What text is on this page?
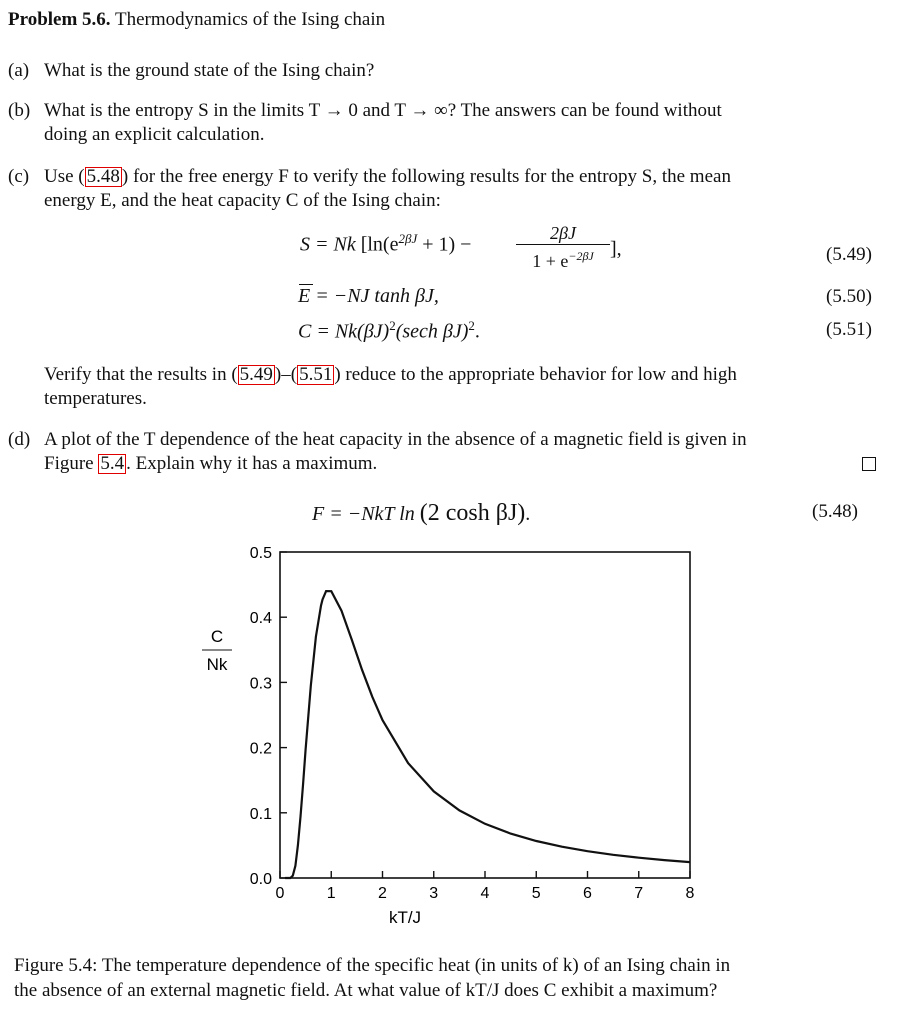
Problem 5.6. Thermodynamics of the Ising chain
(a) What is the ground state of the Ising chain?
(b) What is the entropy S in the limits T → 0 and T → ∞? The answers can be found without
doing an explicit calculation.
(c) Use ( 5.48 ) for the free energy F to verify the following results for the entropy S, the mean
energy E, and the heat capacity C of the Ising chain:
S = Nk [$\ln(e^{2\beta J} + 1)$ −
2βJ
$1 + e^{-2\beta J}$ ],	(5.49)
E = −NJ tanh βJ,	(5.50)
$C = Nk(\beta J)^2(\sec h$ βJ)$^2$.	(5.51)
Verify that the results in ( 5.49 )–( 5.51 ) reduce to the appropriate behavior for low and high
temperatures.
(d) A plot of the T dependence of the heat capacity in the absence of a magnetic field is given in
Figure 5.4 . Explain why it has a maximum.
F = −NkT ln (2 cosh βJ).	(5.48)
0	1	2	3	4	5	6	7	8
0.0
0.1
0.2
0.3
0.4
0.5
kT/J
C
Nk
Figure 5.4: The temperature dependence of the specific heat (in units of k) of an Ising chain in
the absence of an external magnetic field. At what value of kT/J does C exhibit a maximum?
